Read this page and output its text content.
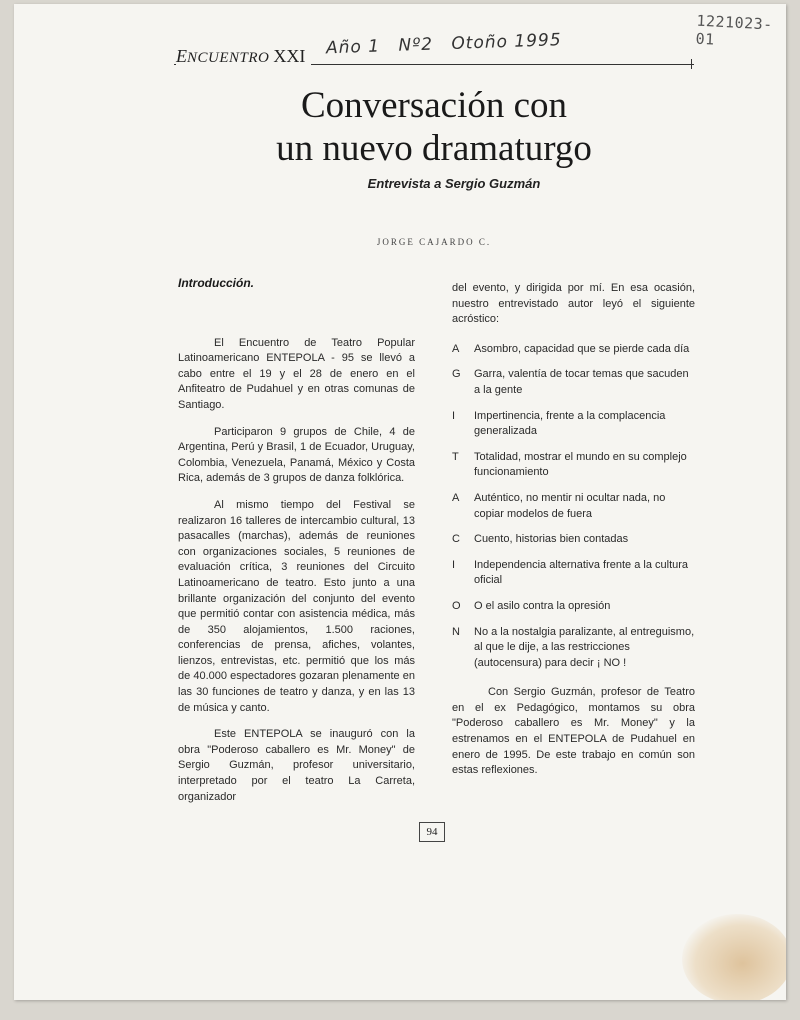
1221023-01
Año 1 Nº2 Otoño 1995
ENCUENTRO XXI
Conversación con
un nuevo dramaturgo
Entrevista a Sergio Guzmán
JORGE CAJARDO C.
Introducción.

El Encuentro de Teatro Popular Latinoamericano ENTEPOLA - 95 se llevó a cabo entre el 19 y el 28 de enero en el Anfiteatro de Pudahuel y en otras comunas de Santiago.

Participaron 9 grupos de Chile, 4 de Argentina, Perú y Brasil, 1 de Ecuador, Uruguay, Colombia, Venezuela, Panamá, México y Costa Rica, además de 3 grupos de danza folklórica.

Al mismo tiempo del Festival se realizaron 16 talleres de intercambio cultural, 13 pasacalles (marchas), además de reuniones con organizaciones sociales, 5 reuniones de evaluación crítica, 3 reuniones del Circuito Latinoamericano de teatro. Esto junto a una brillante organización del conjunto del evento que permitió contar con asistencia médica, más de 350 alojamientos, 1.500 raciones, conferencias de prensa, afiches, volantes, lienzos, entrevistas, etc. permitió que los más de 40.000 espectadores gozaran plenamente en las 30 funciones de teatro y danza, y en las 13 de música y canto.

Este ENTEPOLA se inauguró con la obra "Poderoso caballero es Mr. Money" de Sergio Guzmán, profesor universitario, interpretado por el teatro La Carreta, organizador

del evento, y dirigida por mí. En esa ocasión, nuestro entrevistado autor leyó el siguiente acróstico:
A Asombro, capacidad que se pierde cada día
G Garra, valentía de tocar temas que sacuden a la gente
I Impertinencia, frente a la complacencia generalizada
T Totalidad, mostrar el mundo en su complejo funcionamiento
A Auténtico, no mentir ni ocultar nada, no copiar modelos de fuera
C Cuento, historias bien contadas
I Independencia alternativa frente a la cultura oficial
O O el asilo contra la opresión
N No a la nostalgia paralizante, al entreguismo, al que le dije, a las restricciones (autocensura) para decir ¡ NO !

Con Sergio Guzmán, profesor de Teatro en el ex Pedagógico, montamos su obra "Poderoso caballero es Mr. Money" y la estrenamos en el ENTEPOLA de Pudahuel en enero de 1995. De este trabajo en común son estas reflexiones.

94
